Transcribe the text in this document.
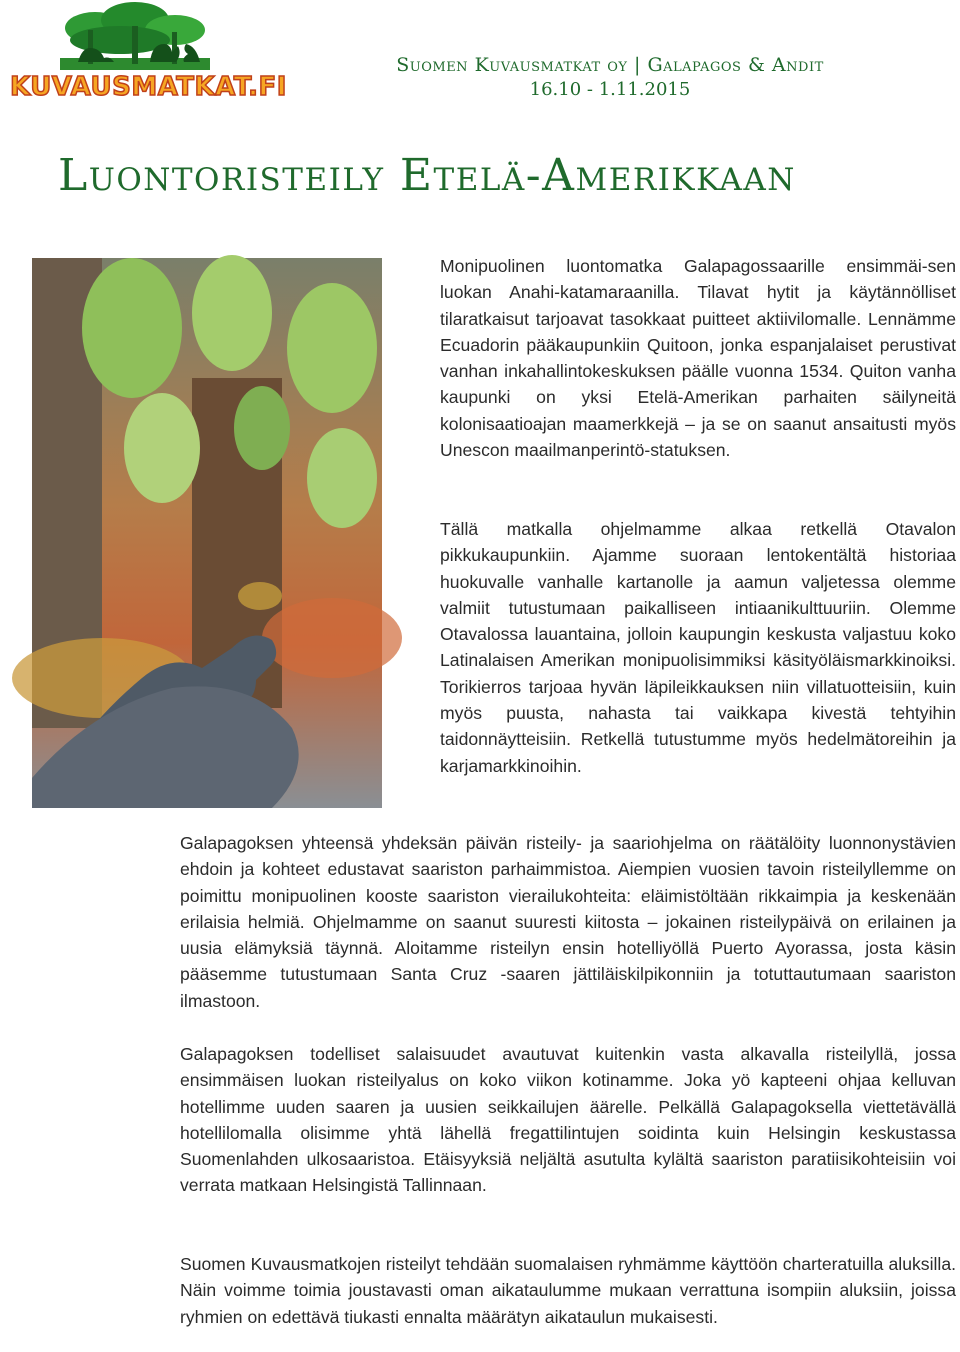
KUVAUSMATKAT.FI
Suomen Kuvausmatkat oy | Galapagos & Andit
16.10 - 1.11.2015
Luontoristeily Etelä-Amerikkaan

Monipuolinen luontomatka Galapagossaarille ensimmäi-sen luokan Anahi-katamaraanilla. Tilavat hytit ja käytännölliset tilaratkaisut tarjoavat tasokkaat puitteet aktiivilomalle. Lennämme Ecuadorin pääkaupunkiin Quitoon, jonka espanjalaiset perustivat vanhan inkahallintokeskuksen päälle vuonna 1534. Quiton vanha kaupunki on yksi Etelä-Amerikan parhaiten säilyneitä kolonisaatioajan maamerkkejä – ja se on saanut ansaitusti myös Unescon maailmanperintö-statuksen.

Tällä matkalla ohjelmamme alkaa retkellä Otavalon pikkukaupunkiin. Ajamme suoraan lentokentältä historiaa huokuvalle vanhalle kartanolle ja aamun valjetessa olemme valmiit tutustumaan paikalliseen intiaanikulttuuriin. Olemme Otavalossa lauantaina, jolloin kaupungin keskusta valjastuu koko Latinalaisen Amerikan monipuolisimmiksi käsityöläismarkkinoiksi. Torikierros tarjoaa hyvän läpileikkauksen niin villatuotteisiin, kuin myös puusta, nahasta tai vaikkapa kivestä tehtyihin taidonnäytteisiin. Retkellä tutustumme myös hedelmätoreihin ja karjamarkkinoihin.

Galapagoksen yhteensä yhdeksän päivän risteily- ja saariohjelma on räätälöity luonnonystävien ehdoin ja kohteet edustavat saariston parhaimmistoa. Aiempien vuosien tavoin risteilyllemme on poimittu monipuolinen kooste saariston vierailukohteita: eläimistöltään rikkaimpia ja keskenään erilaisia helmiä. Ohjelmamme on saanut suuresti kiitosta – jokainen risteilypäivä on erilainen ja uusia elämyksiä täynnä. Aloitamme risteilyn ensin hotelliyöllä Puerto Ayorassa, josta käsin pääsemme tutustumaan Santa Cruz -saaren jättiläiskilpikonniin ja totuttautumaan saariston ilmastoon.

Galapagoksen todelliset salaisuudet avautuvat kuitenkin vasta alkavalla risteilyllä, jossa ensimmäisen luokan risteilyalus on koko viikon kotinamme. Joka yö kapteeni ohjaa kelluvan hotellimme uuden saaren ja uusien seikkailujen äärelle. Pelkällä Galapagoksella viettetävällä hotellilomalla olisimme yhtä lähellä fregattilintujen soidinta kuin Helsingin keskustassa Suomenlahden ulkosaaristoa. Etäisyyksiä neljältä asutulta kylältä saariston paratiisikohteisiin voi verrata matkaan Helsingistä Tallinnaan.

Suomen Kuvausmatkojen risteilyt tehdään suomalaisen ryhmämme käyttöön charteratuilla aluksilla. Näin voimme toimia joustavasti oman aikataulumme mukaan verrattuna isompiin aluksiin, joissa ryhmien on edettävä tiukasti ennalta määrätyn aikataulun mukaisesti.
